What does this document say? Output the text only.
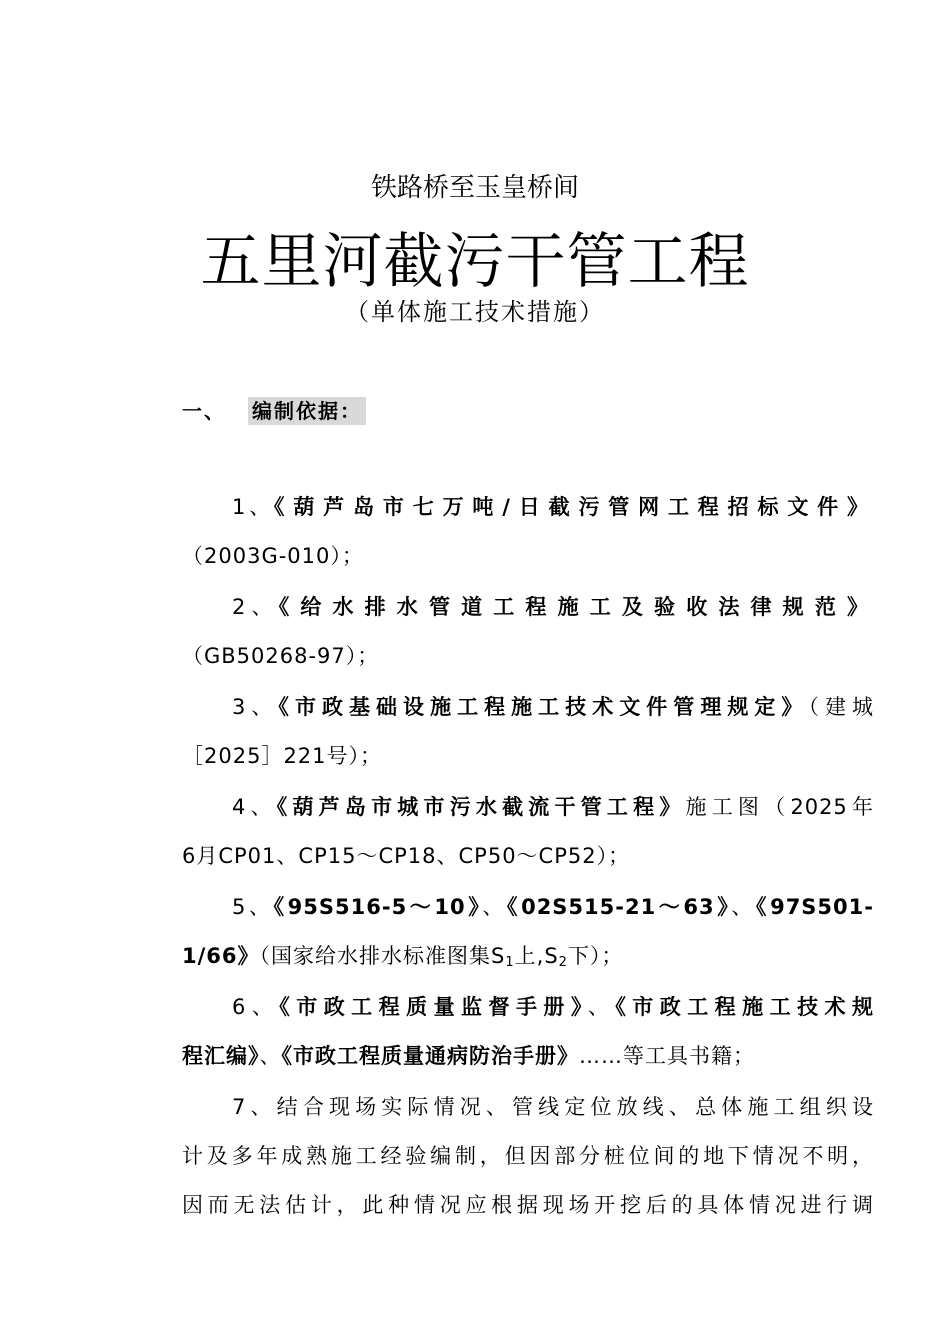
铁路桥至玉皇桥间
五里河截污干管工程
（单体施工技术措施）
一、 编制依据：
1、《葫芦岛市七万吨/日截污管网工程招标文件》
（2003G-010）；
2、《给水排水管道工程施工及验收法律规范》
（GB50268-97）；
3、《市政基础设施工程施工技术文件管理规定》（建城
［2025］221号）；
4、《葫芦岛市城市污水截流干管工程》施工图（2025年
6月CP01、CP15～CP18、CP50～CP52）；
5、《95S516-5～10》、《02S515-21～63》、《97S501-
1/66》（国家给水排水标准图集$S_1$上$,S_2$下）；
6、《市政工程质量监督手册》、《市政工程施工技术规
程汇编》、《市政工程质量通病防治手册》……等工具书籍；
7、结合现场实际情况、管线定位放线、总体施工组织设
计及多年成熟施工经验编制，但因部分桩位间的地下情况不明，
因而无法估计，此种情况应根据现场开挖后的具体情况进行调
